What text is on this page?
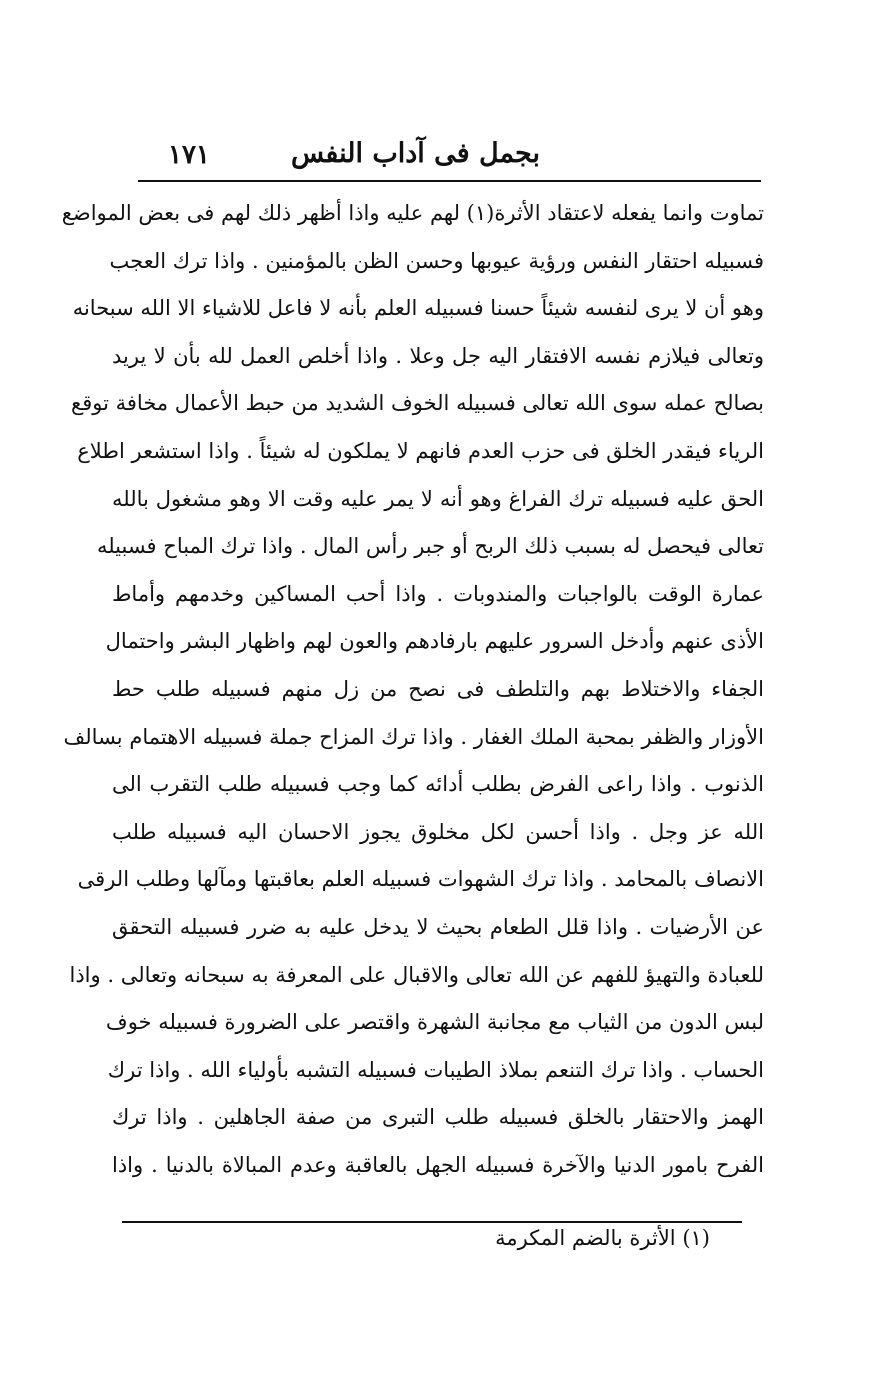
بجمل فى آداب النفس
١٧١
تماوت وانما يفعله لاعتقاد الأثرة(١) لهم عليه واذا أظهر ذلك لهم فى بعض المواضع
فسبيله احتقار النفس ورؤية عيوبها وحسن الظن بالمؤمنين . واذا ترك العجب
وهو أن لا يرى لنفسه شيئاً حسنا فسبيله العلم بأنه لا فاعل للاشياء الا الله سبحانه
وتعالى فيلازم نفسه الافتقار اليه جل وعلا . واذا أخلص العمل لله بأن لا يريد
بصالح عمله سوى الله تعالى فسبيله الخوف الشديد من حبط الأعمال مخافة توقع
الرياء فيقدر الخلق فى حزب العدم فانهم لا يملكون له شيئاً . واذا استشعر اطلاع
الحق عليه فسبيله ترك الفراغ وهو أنه لا يمر عليه وقت الا وهو مشغول بالله
تعالى فيحصل له بسبب ذلك الربح أو جبر رأس المال . واذا ترك المباح فسبيله
عمارة الوقت بالواجبات والمندوبات . واذا أحب المساكين وخدمهم وأماط
الأذى عنهم وأدخل السرور عليهم بارفادهم والعون لهم واظهار البشر واحتمال
الجفاء والاختلاط بهم والتلطف فى نصح من زل منهم فسبيله طلب حط
الأوزار والظفر بمحبة الملك الغفار . واذا ترك المزاح جملة فسبيله الاهتمام بسالف
الذنوب . واذا راعى الفرض بطلب أدائه كما وجب فسبيله طلب التقرب الى
الله عز وجل . واذا أحسن لكل مخلوق يجوز الاحسان اليه فسبيله طلب
الانصاف بالمحامد . واذا ترك الشهوات فسبيله العلم بعاقبتها ومآلها وطلب الرقى
عن الأرضيات . واذا قلل الطعام بحيث لا يدخل عليه به ضرر فسبيله التحقق
للعبادة والتهيؤ للفهم عن الله تعالى والاقبال على المعرفة به سبحانه وتعالى . واذا
لبس الدون من الثياب مع مجانبة الشهرة واقتصر على الضرورة فسبيله خوف
الحساب . واذا ترك التنعم بملاذ الطيبات فسبيله التشبه بأولياء الله . واذا ترك
الهمز والاحتقار بالخلق فسبيله طلب التبرى من صفة الجاهلين . واذا ترك
الفرح بامور الدنيا والآخرة فسبيله الجهل بالعاقبة وعدم المبالاة بالدنيا . واذا
(١) الأثرة بالضم المكرمة
